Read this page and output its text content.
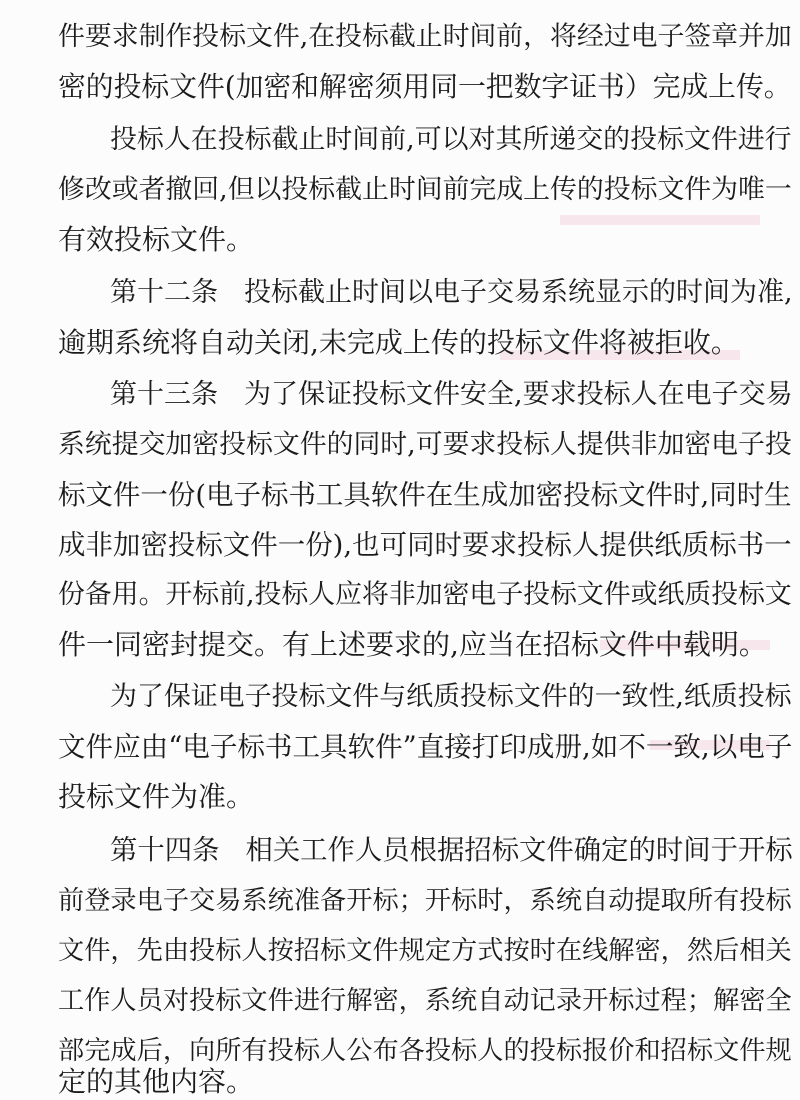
件要求制作投标文件,在投标截止时间前，将经过电子签章并加
密的投标文件(加密和解密须用同一把数字证书）完成上传。
投标人在投标截止时间前,可以对其所递交的投标文件进行
修改或者撤回,但以投标截止时间前完成上传的投标文件为唯一
有效投标文件。
第十二条 投标截止时间以电子交易系统显示的时间为准,
逾期系统将自动关闭,未完成上传的投标文件将被拒收。
第十三条 为了保证投标文件安全,要求投标人在电子交易
系统提交加密投标文件的同时,可要求投标人提供非加密电子投
标文件一份(电子标书工具软件在生成加密投标文件时,同时生
成非加密投标文件一份),也可同时要求投标人提供纸质标书一
份备用。开标前,投标人应将非加密电子投标文件或纸质投标文
件一同密封提交。有上述要求的,应当在招标文件中载明。
为了保证电子投标文件与纸质投标文件的一致性,纸质投标
文件应由“电子标书工具软件”直接打印成册,如不一致,以电子
投标文件为准。
第十四条 相关工作人员根据招标文件确定的时间于开标
前登录电子交易系统准备开标；开标时，系统自动提取所有投标
文件，先由投标人按招标文件规定方式按时在线解密，然后相关
工作人员对投标文件进行解密，系统自动记录开标过程；解密全
部完成后，向所有投标人公布各投标人的投标报价和招标文件规
定的其他内容。
